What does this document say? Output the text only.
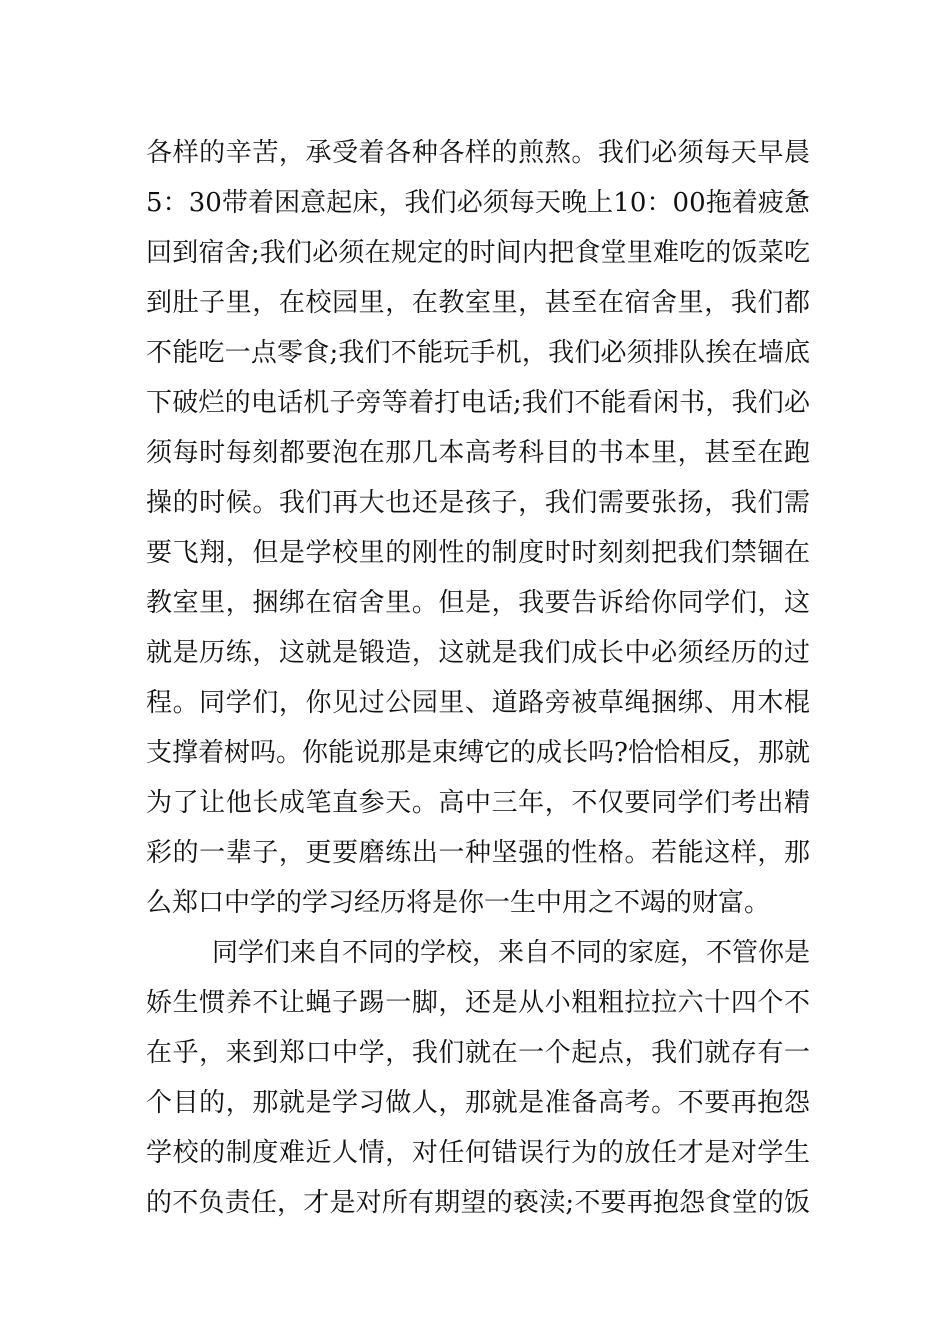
各样的辛苦，承受着各种各样的煎熬。我们必须每天早晨
5：30带着困意起床，我们必须每天晚上10：00拖着疲惫
回到宿舍;我们必须在规定的时间内把食堂里难吃的饭菜吃
到肚子里，在校园里，在教室里，甚至在宿舍里，我们都
不能吃一点零食;我们不能玩手机，我们必须排队挨在墙底
下破烂的电话机子旁等着打电话;我们不能看闲书，我们必
须每时每刻都要泡在那几本高考科目的书本里，甚至在跑
操的时候。我们再大也还是孩子，我们需要张扬，我们需
要飞翔，但是学校里的刚性的制度时时刻刻把我们禁锢在
教室里，捆绑在宿舍里。但是，我要告诉给你同学们，这
就是历练，这就是锻造，这就是我们成长中必须经历的过
程。同学们，你见过公园里、道路旁被草绳捆绑、用木棍
支撑着树吗。你能说那是束缚它的成长吗?恰恰相反，那就
为了让他长成笔直参天。高中三年，不仅要同学们考出精
彩的一辈子，更要磨练出一种坚强的性格。若能这样，那
么郑口中学的学习经历将是你一生中用之不竭的财富。
同学们来自不同的学校，来自不同的家庭，不管你是
娇生惯养不让蝇子踢一脚，还是从小粗粗拉拉六十四个不
在乎，来到郑口中学，我们就在一个起点，我们就存有一
个目的，那就是学习做人，那就是准备高考。不要再抱怨
学校的制度难近人情，对任何错误行为的放任才是对学生
的不负责任，才是对所有期望的亵渎;不要再抱怨食堂的饭
